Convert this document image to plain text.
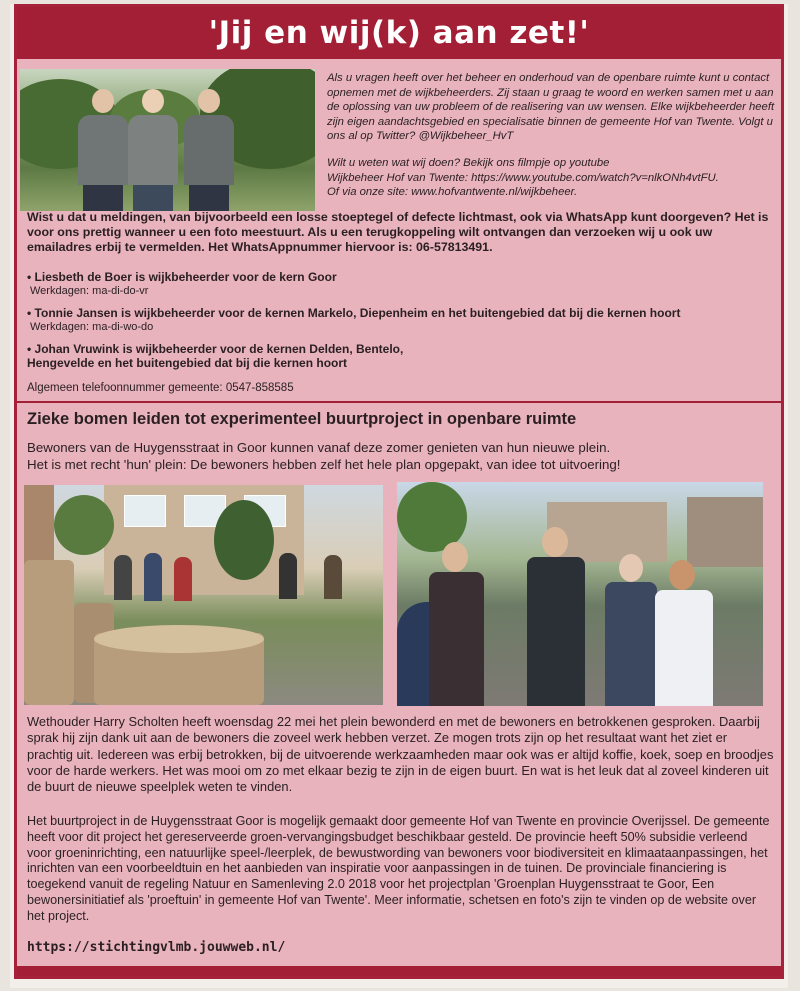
'Jij en wij(k) aan zet!'

Als u vragen heeft over het beheer en onderhoud van de openbare ruimte kunt u contact opnemen met de wijkbeheerders. Zij staan u graag te woord en werken samen met u aan de oplossing van uw probleem of de realisering van uw wensen. Elke wijkbeheerder heeft zijn eigen aandachtsgebied en specialisatie binnen de gemeente Hof van Twente. Volgt u ons al op Twitter? @Wijkbeheer_HvT

Wilt u weten wat wij doen? Bekijk ons filmpje op youtube
Wijkbeheer Hof van Twente: https://www.youtube.com/watch?v=nlkONh4vtFU.
Of via onze site: www.hofvantwente.nl/wijkbeheer.
Wist u dat u meldingen, van bijvoorbeeld een losse stoeptegel of defecte lichtmast, ook via WhatsApp kunt doorgeven? Het is voor ons prettig wanneer u een foto meestuurt. Als u een terugkoppeling wilt ontvangen dan verzoeken wij u ook uw emailadres erbij te vermelden. Het WhatsAppnummer hiervoor is: 06-57813491.
• Liesbeth de Boer is wijkbeheerder voor de kern Goor
Werkdagen: ma-di-do-vr
• Tonnie Jansen is wijkbeheerder voor de kernen Markelo, Diepenheim en het buitengebied dat bij die kernen hoort
Werkdagen: ma-di-wo-do
• Johan Vruwink is wijkbeheerder voor de kernen Delden, Bentelo, Hengevelde en het buitengebied dat bij die kernen hoort
Algemeen telefoonnummer gemeente: 0547-858585
Zieke bomen leiden tot experimenteel buurtproject in openbare ruimte

Bewoners van de Huygensstraat in Goor kunnen vanaf deze zomer genieten van hun nieuwe plein.

Het is met recht 'hun' plein: De bewoners hebben zelf het hele plan opgepakt, van idee tot uitvoering!

Wethouder Harry Scholten heeft woensdag 22 mei het plein bewonderd en met de bewoners en betrokkenen gesproken. Daarbij sprak hij zijn dank uit aan de bewoners die zoveel werk hebben verzet. Ze mogen trots zijn op het resultaat want het ziet er prachtig uit. Iedereen was erbij betrokken, bij de uitvoerende werkzaamheden maar ook was er altijd koffie, koek, soep en broodjes voor de harde werkers. Het was mooi om zo met elkaar bezig te zijn in de eigen buurt. En wat is het leuk dat al zoveel kinderen uit de buurt de nieuwe speelplek weten te vinden.

Het buurtproject in de Huygensstraat Goor is mogelijk gemaakt door gemeente Hof van Twente en provincie Overijssel. De gemeente heeft voor dit project het gereserveerde groen-vervangingsbudget beschikbaar gesteld. De provincie heeft 50% subsidie verleend voor groeninrichting, een natuurlijke speel-/leerplek, de bewustwording van bewoners voor biodiversiteit en klimaataanpassingen, het inrichten van een voorbeeldtuin en het aanbieden van inspiratie voor aanpassingen in de tuinen. De provinciale financiering is toegekend vanuit de regeling Natuur en Samenleving 2.0 2018 voor het projectplan 'Groenplan Huygensstraat te Goor, Een bewonersinitiatief als 'proeftuin' in gemeente Hof van Twente'. Meer informatie, schetsen en foto's zijn te vinden op de website over het project.

https://stichtingvlmb.jouwweb.nl/
